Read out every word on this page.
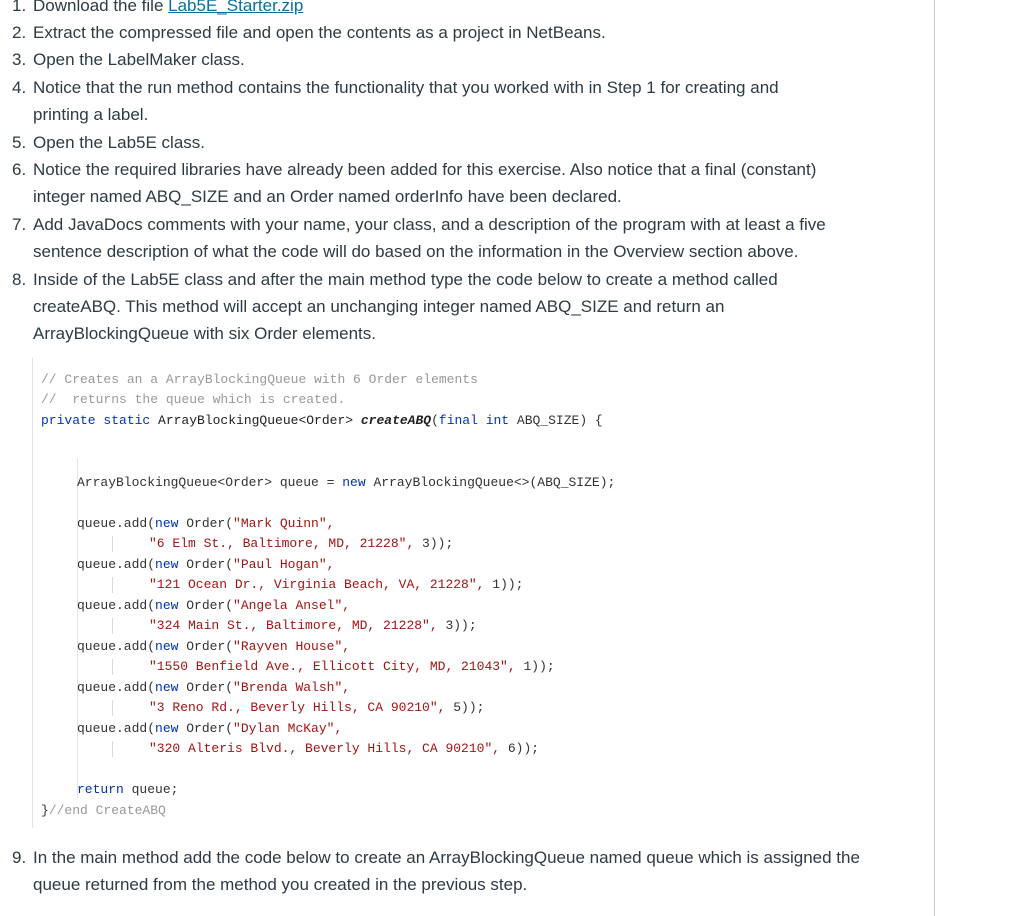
1. Download the file Lab5E_Starter.zip
2. Extract the compressed file and open the contents as a project in NetBeans.
3. Open the LabelMaker class.
4. Notice that the run method contains the functionality that you worked with in Step 1 for creating and
printing a label.
5. Open the Lab5E class.
6. Notice the required libraries have already been added for this exercise. Also notice that a final (constant)
integer named ABQ_SIZE and an Order named orderInfo have been declared.
7. Add JavaDocs comments with your name, your class, and a description of the program with at least a five
sentence description of what the code will do based on the information in the Overview section above.
8. Inside of the Lab5E class and after the main method type the code below to create a method called
createABQ. This method will accept an unchanging integer named ABQ_SIZE and return an
ArrayBlockingQueue with six Order elements.
9. In the main method add the code below to create an ArrayBlockingQueue named queue which is assigned the
queue returned from the method you created in the previous step.
// Creates an a ArrayBlockingQueue with 6 Order elements
//  returns the queue which is created.
private static ArrayBlockingQueue<Order> createABQ(final int ABQ_SIZE) {
ArrayBlockingQueue<Order> queue = new ArrayBlockingQueue<>(ABQ_SIZE);
queue.add(new Order("Mark Quinn",
"6 Elm St., Baltimore, MD, 21228", 3));
queue.add(new Order("Paul Hogan",
"121 Ocean Dr., Virginia Beach, VA, 21228", 1));
queue.add(new Order("Angela Ansel",
"324 Main St., Baltimore, MD, 21228", 3));
queue.add(new Order("Rayven House",
"1550 Benfield Ave., Ellicott City, MD, 21043", 1));
queue.add(new Order("Brenda Walsh",
"3 Reno Rd., Beverly Hills, CA 90210", 5));
queue.add(new Order("Dylan McKay",
"320 Alteris Blvd., Beverly Hills, CA 90210", 6));
return queue;
}//end CreateABQ
